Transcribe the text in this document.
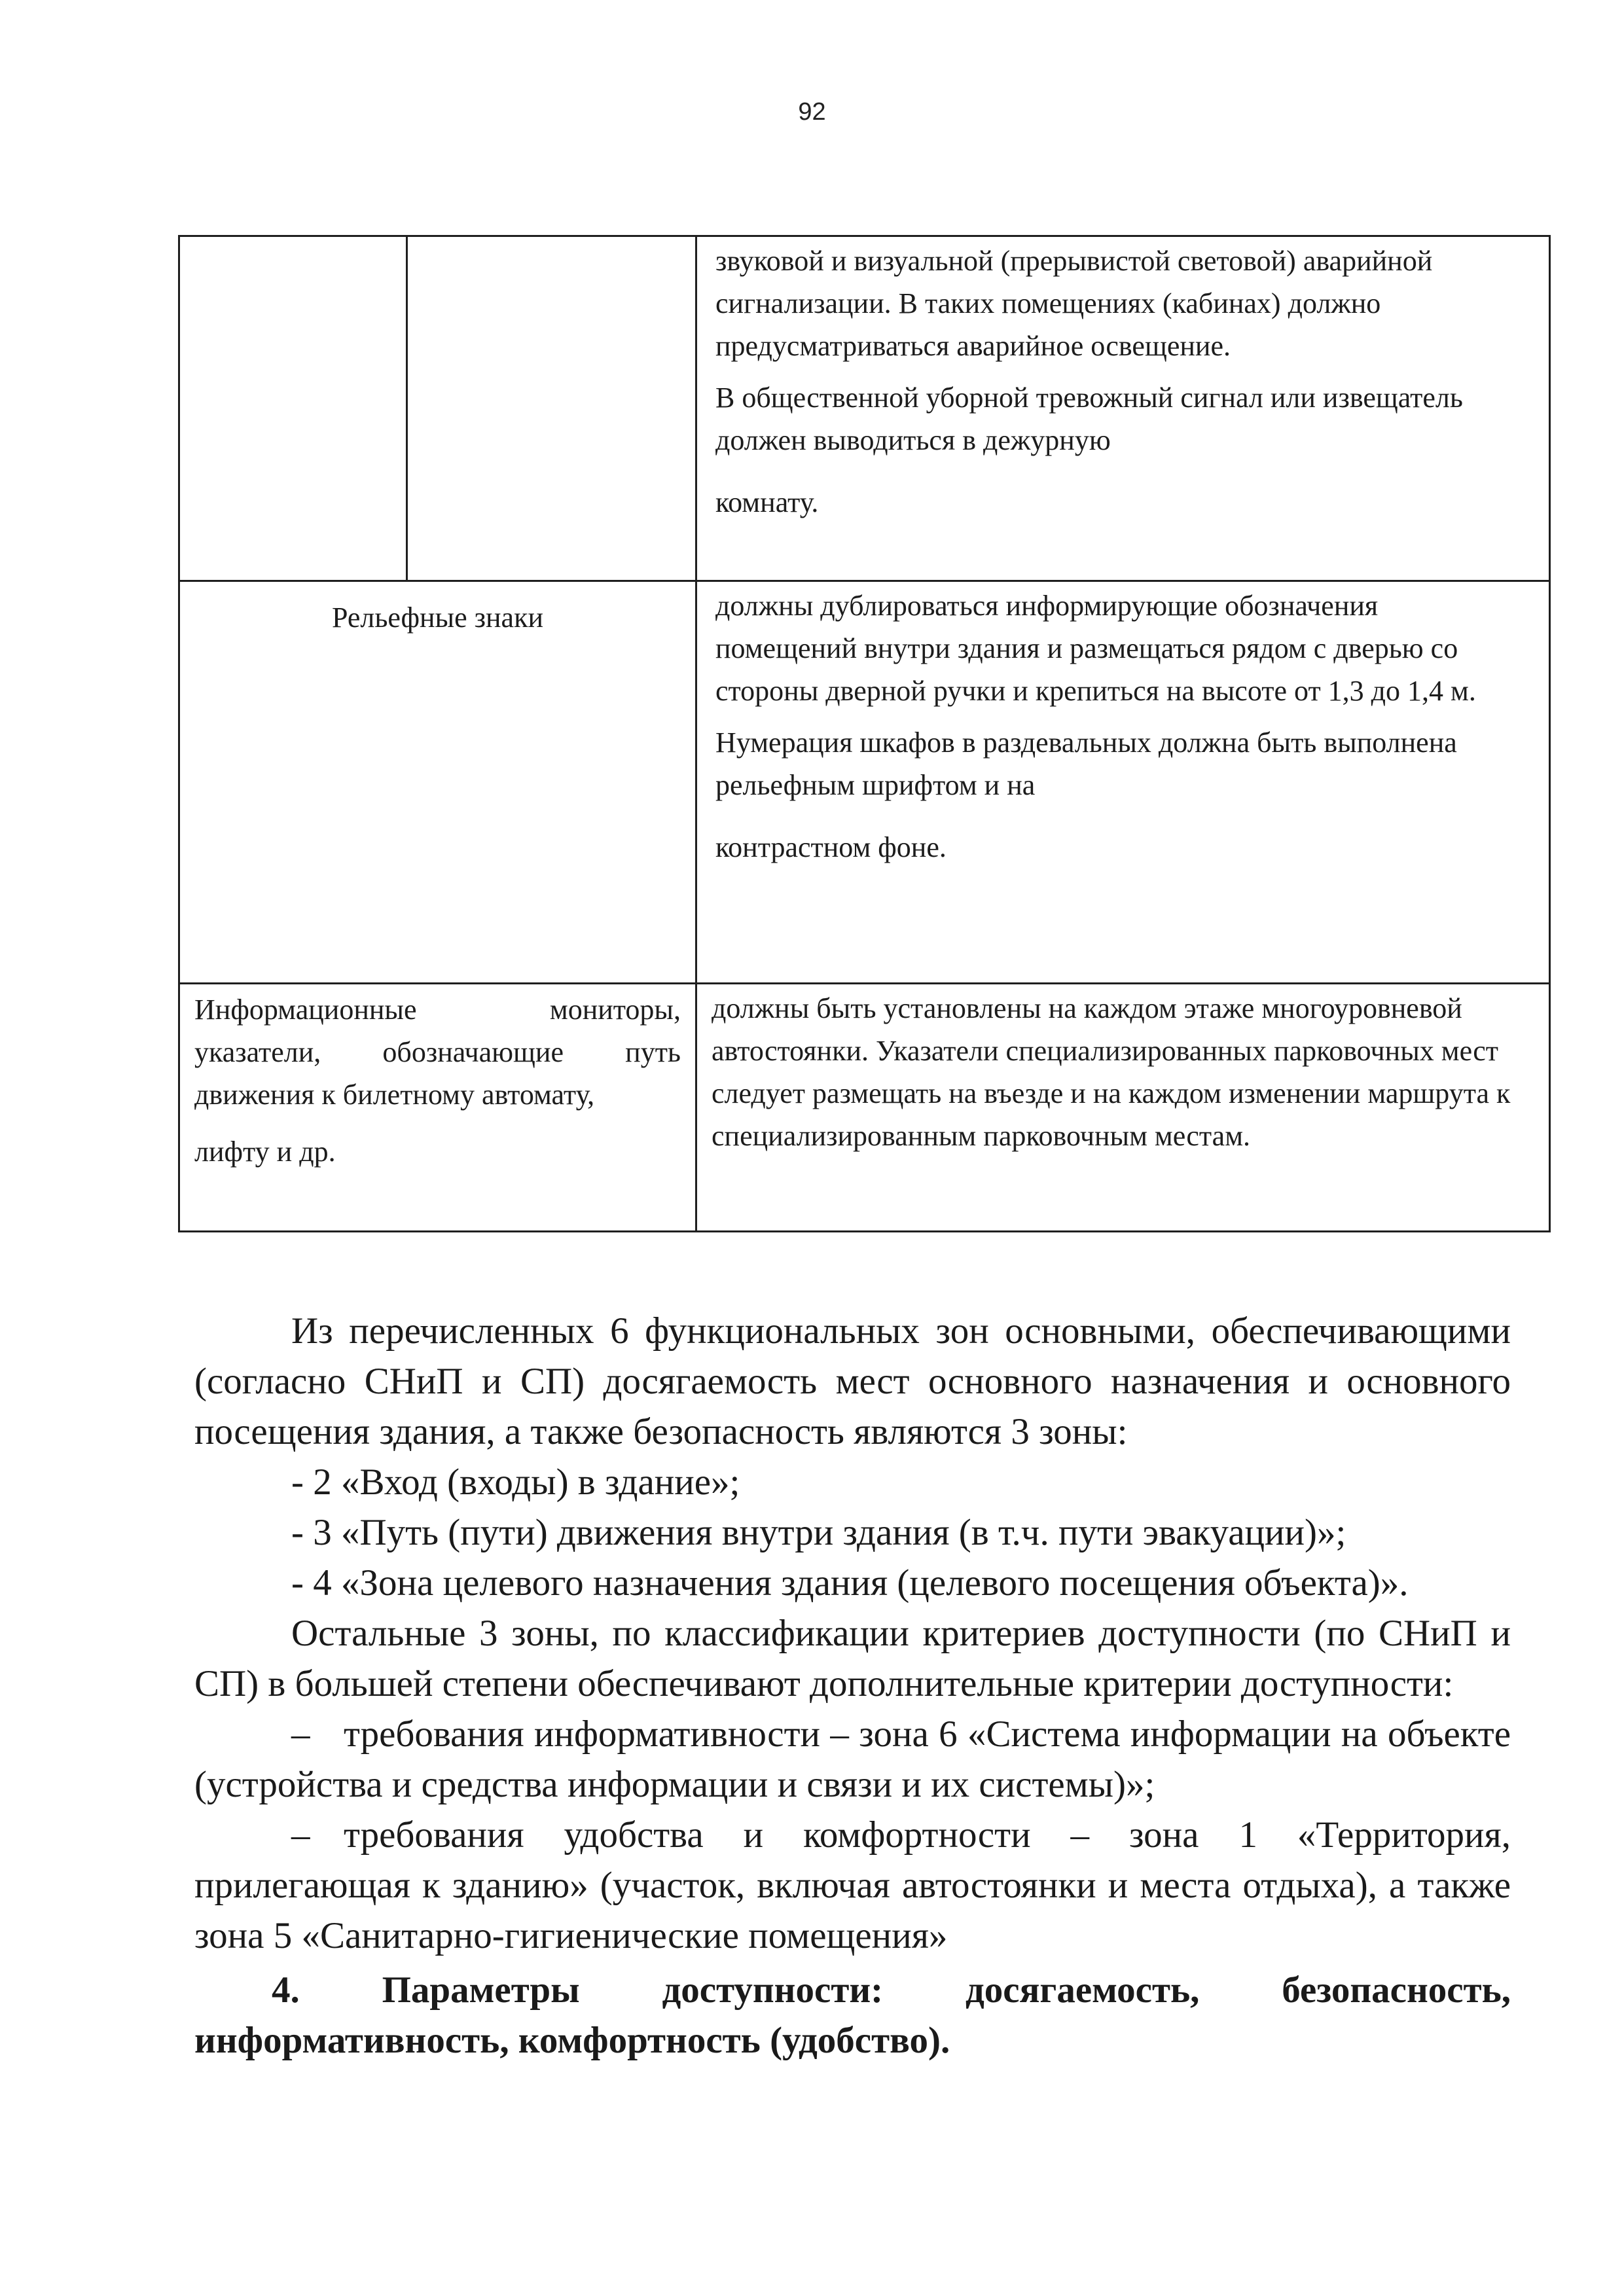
92

		звуковой и визуальной (прерывистой световой) аварийной сигнализации. В таких помещениях (кабинах) должно предусматриваться аварийное освещение.

В общественной уборной тревожный сигнал или извещатель должен выводиться в дежурную

комнату.

Рельефные знаки		должны дублироваться информирующие обозначения помещений внутри здания и размещаться рядом с дверью со стороны дверной ручки и крепиться на высоте от 1,3 до 1,4 м.

Нумерация шкафов в раздевальных должна быть выполнена рельефным шрифтом и на

контрастном фоне.

Информационные мониторы, указатели, обозначающие путь движения к билетному автомату,
лифту и др.		должны быть установлены на каждом этаже многоуровневой автостоянки. Указатели специализированных парковочных мест следует размещать на въезде и на каждом изменении маршрута к специализированным парковочным местам.

Из перечисленных 6 функциональных зон основными, обеспечивающими (согласно СНиП и СП) досягаемость мест основного назначения и основного посещения здания, а также безопасность являются 3 зоны:

- 2 «Вход (входы) в здание»;

- 3 «Путь (пути) движения внутри здания (в т.ч. пути эвакуации)»;

- 4 «Зона целевого назначения здания (целевого посещения объекта)».

Остальные 3 зоны, по классификации критериев доступности (по СНиП и СП) в большей степени обеспечивают дополнительные критерии доступности:

– требования информативности – зона 6 «Система информации на объекте (устройства и средства информации и связи и их системы)»;

– требования удобства и комфортности – зона 1 «Территория, прилегающая к зданию» (участок, включая автостоянки и места отдыха), а также зона 5 «Санитарно-гигиенические помещения»

4. Параметры доступности: досягаемость, безопасность, информативность, комфортность (удобство).
